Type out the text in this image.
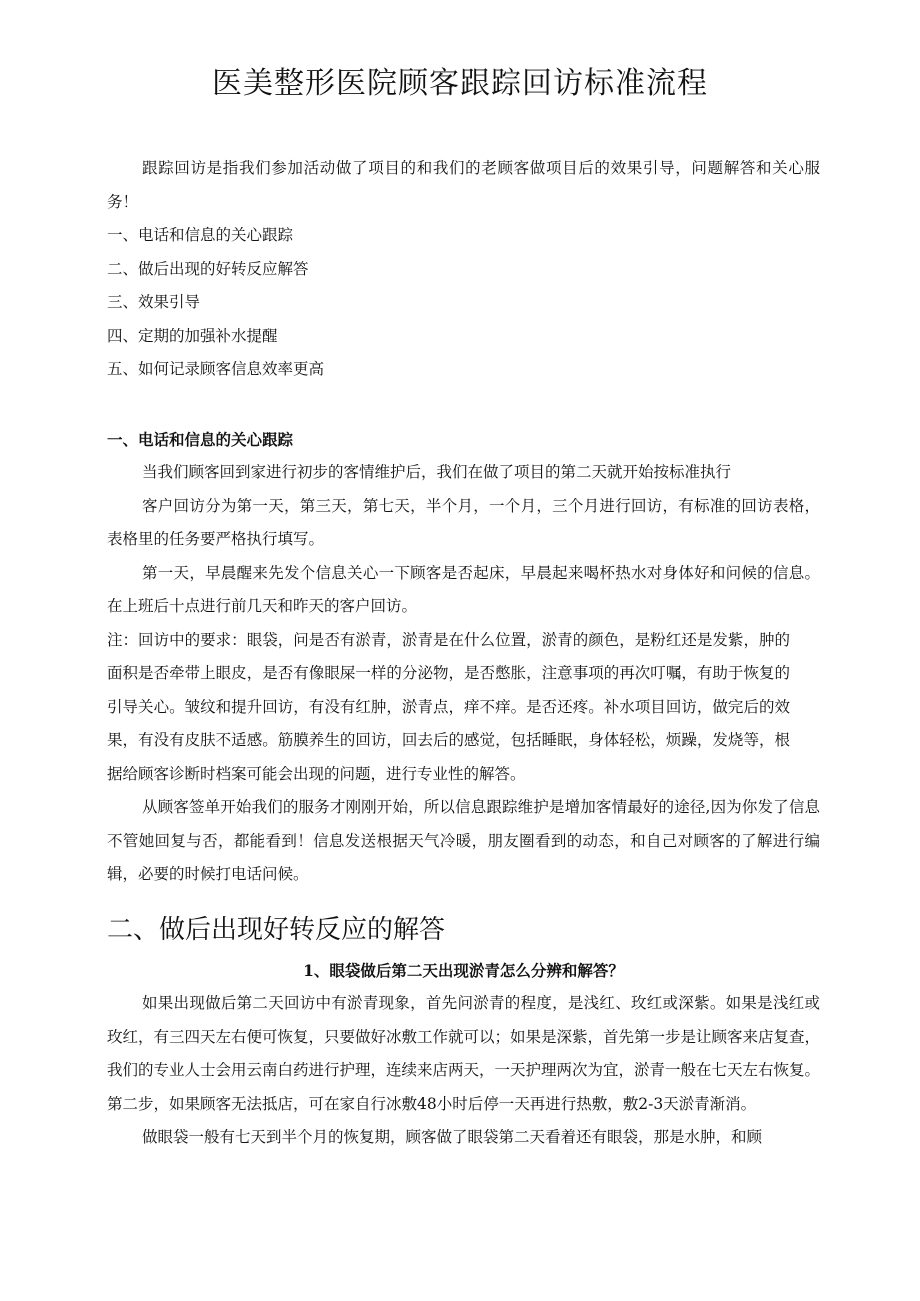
医美整形医院顾客跟踪回访标准流程

跟踪回访是指我们参加活动做了项目的和我们的老顾客做项目后的效果引导，问题解答和关心服务！

一、电话和信息的关心跟踪

二、做后出现的好转反应解答

三、效果引导

四、定期的加强补水提醒

五、如何记录顾客信息效率更高

一、电话和信息的关心跟踪

当我们顾客回到家进行初步的客情维护后，我们在做了项目的第二天就开始按标准执行

客户回访分为第一天，第三天，第七天，半个月，一个月，三个月进行回访，有标准的回访表格，表格里的任务要严格执行填写。

第一天，早晨醒来先发个信息关心一下顾客是否起床，早晨起来喝杯热水对身体好和问候的信息。在上班后十点进行前几天和昨天的客户回访。

注：回访中的要求：眼袋，问是否有淤青，淤青是在什么位置，淤青的颜色，是粉红还是发紫，肿的面积是否牵带上眼皮，是否有像眼屎一样的分泌物，是否憋胀，注意事项的再次叮嘱，有助于恢复的引导关心。皱纹和提升回访，有没有红肿，淤青点，痒不痒。是否还疼。补水项目回访，做完后的效果，有没有皮肤不适感。筋膜养生的回访，回去后的感觉，包括睡眠，身体轻松，烦躁，发烧等，根据给顾客诊断时档案可能会出现的问题，进行专业性的解答。

从顾客签单开始我们的服务才刚刚开始，所以信息跟踪维护是增加客情最好的途径,因为你发了信息不管她回复与否，都能看到！信息发送根据天气冷暖，朋友圈看到的动态，和自己对顾客的了解进行编辑，必要的时候打电话问候。

二、做后出现好转反应的解答

1、眼袋做后第二天出现淤青怎么分辨和解答？

如果出现做后第二天回访中有淤青现象，首先问淤青的程度，是浅红、玫红或深紫。如果是浅红或玫红，有三四天左右便可恢复，只要做好冰敷工作就可以；如果是深紫，首先第一步是让顾客来店复查，我们的专业人士会用云南白药进行护理，连续来店两天，一天护理两次为宜，淤青一般在七天左右恢复。第二步，如果顾客无法抵店，可在家自行冰敷48小时后停一天再进行热敷，敷2-3天淤青渐消。

做眼袋一般有七天到半个月的恢复期，顾客做了眼袋第二天看着还有眼袋，那是水肿，和顾
